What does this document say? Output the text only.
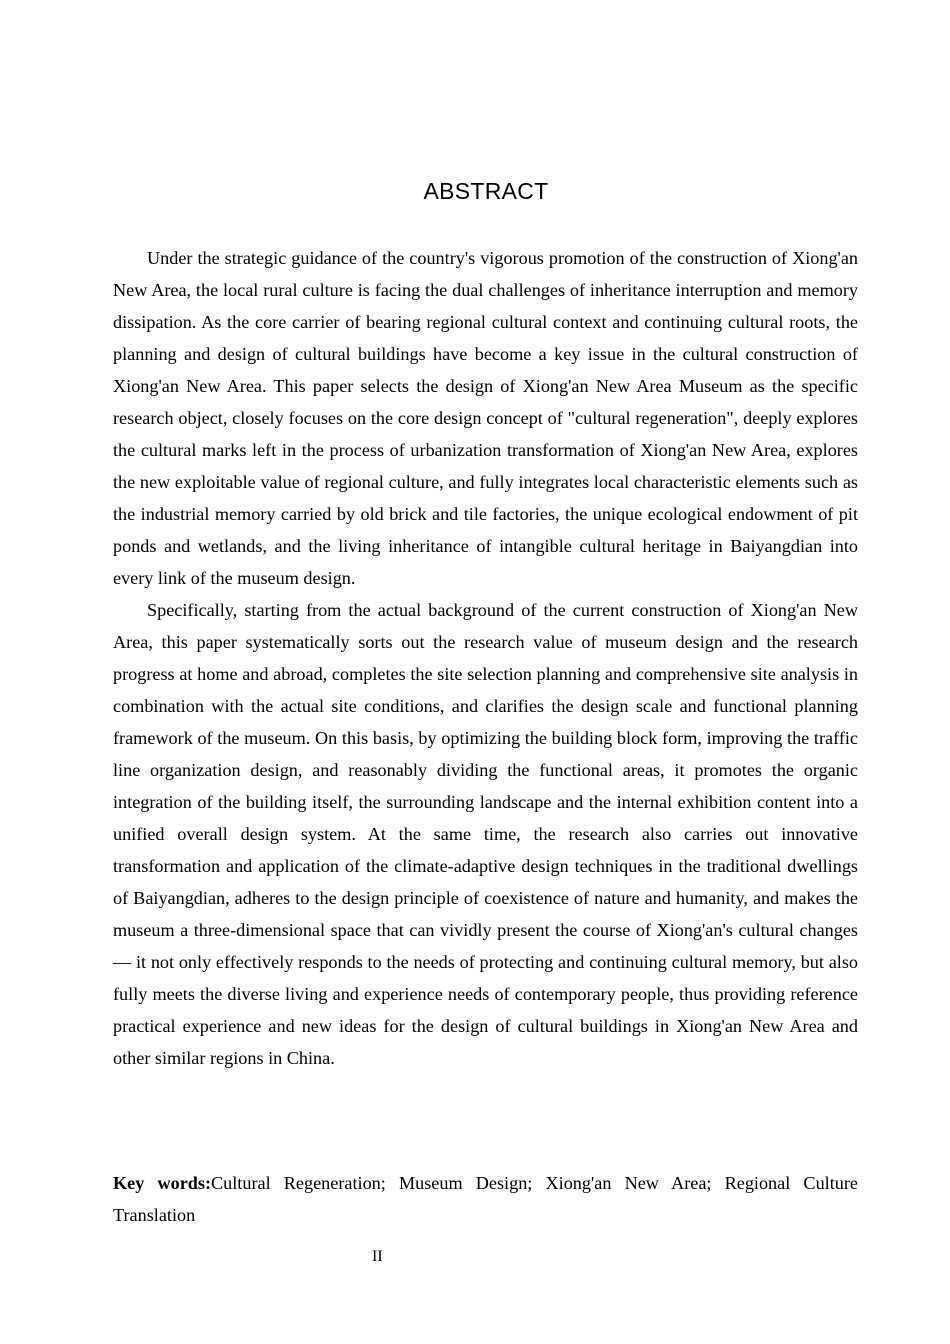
ABSTRACT

Under the strategic guidance of the country's vigorous promotion of the construction of Xiong'an New Area, the local rural culture is facing the dual challenges of inheritance interruption and memory dissipation. As the core carrier of bearing regional cultural context and continuing cultural roots, the planning and design of cultural buildings have become a key issue in the cultural construction of Xiong'an New Area. This paper selects the design of Xiong'an New Area Museum as the specific research object, closely focuses on the core design concept of "cultural regeneration", deeply explores the cultural marks left in the process of urbanization transformation of Xiong'an New Area, explores the new exploitable value of regional culture, and fully integrates local characteristic elements such as the industrial memory carried by old brick and tile factories, the unique ecological endowment of pit ponds and wetlands, and the living inheritance of intangible cultural heritage in Baiyangdian into every link of the museum design.

Specifically, starting from the actual background of the current construction of Xiong'an New Area, this paper systematically sorts out the research value of museum design and the research progress at home and abroad, completes the site selection planning and comprehensive site analysis in combination with the actual site conditions, and clarifies the design scale and functional planning framework of the museum. On this basis, by optimizing the building block form, improving the traffic line organization design, and reasonably dividing the functional areas, it promotes the organic integration of the building itself, the surrounding landscape and the internal exhibition content into a unified overall design system. At the same time, the research also carries out innovative transformation and application of the climate-adaptive design techniques in the traditional dwellings of Baiyangdian, adheres to the design principle of coexistence of nature and humanity, and makes the museum a three-dimensional space that can vividly present the course of Xiong'an's cultural changes — it not only effectively responds to the needs of protecting and continuing cultural memory, but also fully meets the diverse living and experience needs of contemporary people, thus providing reference practical experience and new ideas for the design of cultural buildings in Xiong'an New Area and other similar regions in China.

Key words:Cultural Regeneration; Museum Design; Xiong'an New Area; Regional Culture Translation

II
